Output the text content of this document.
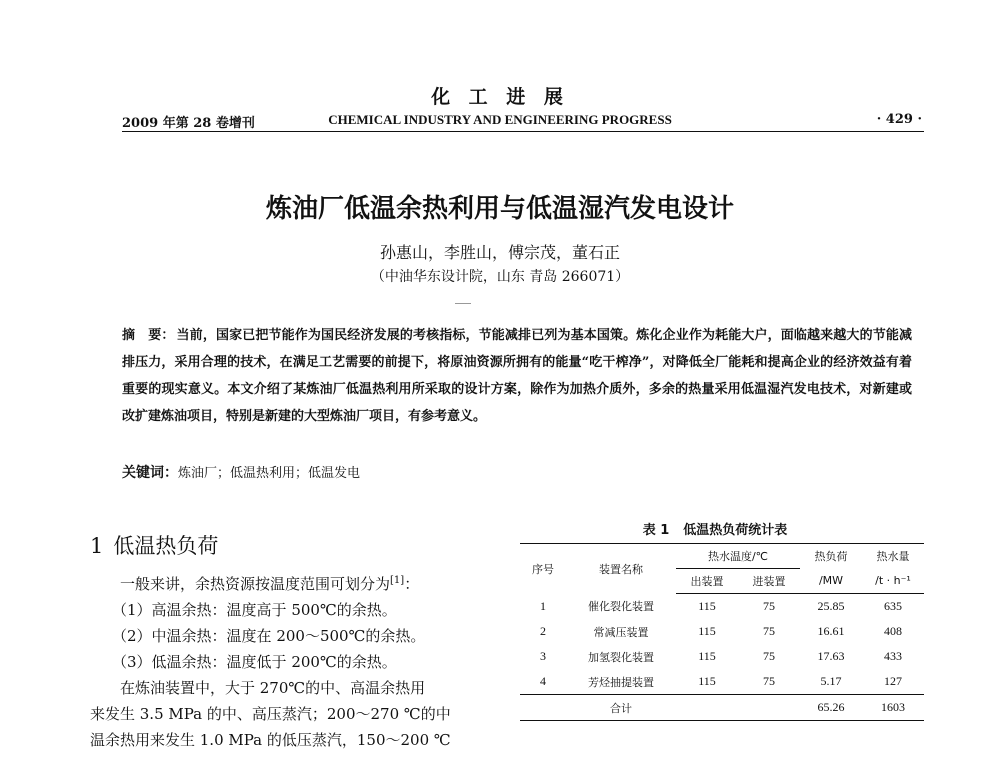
化 工 进 展
2009 年第 28 卷增刊	CHEMICAL INDUSTRY AND ENGINEERING PROGRESS	· 429 ·
炼油厂低温余热利用与低温湿汽发电设计
孙惠山，李胜山，傅宗茂，董石正
（中油华东设计院，山东 青岛 266071）
摘　要： 当前，国家已把节能作为国民经济发展的考核指标，节能减排已列为基本国策。炼化企业作为耗能大户，面临越来越大的节能减排压力，采用合理的技术，在满足工艺需要的前提下，将原油资源所拥有的能量“吃干榨净”，对降低全厂能耗和提高企业的经济效益有着重要的现实意义。本文介绍了某炼油厂低温热利用所采取的设计方案，除作为加热介质外，多余的热量采用低温湿汽发电技术，对新建或改扩建炼油项目，特别是新建的大型炼油厂项目，有参考意义。
关键词：炼油厂；低温热利用；低温发电
1 低温热负荷

一般来讲，余热资源按温度范围可划分为[1]：

（1）高温余热：温度高于 500℃的余热。

（2）中温余热：温度在 200～500℃的余热。

（3）低温余热：温度低于 200℃的余热。

在炼油装置中，大于 270℃的中、高温余热用

来发生 3.5 MPa 的中、高压蒸汽；200～270 ℃的中

温余热用来发生 1.0 MPa 的低压蒸汽，150～200 ℃

表 1 低温热负荷统计表
序号	装置名称	热水温度/℃		热负荷	热水量
		出装置	进装置	/MW	/t · h⁻¹
1	催化裂化装置	115	75	25.85	635
2	常减压装置	115	75	16.61	408
3	加氢裂化装置	115	75	17.63	433
4	芳烃抽提装置	115	75	5.17	127
	合计			65.26	1603
